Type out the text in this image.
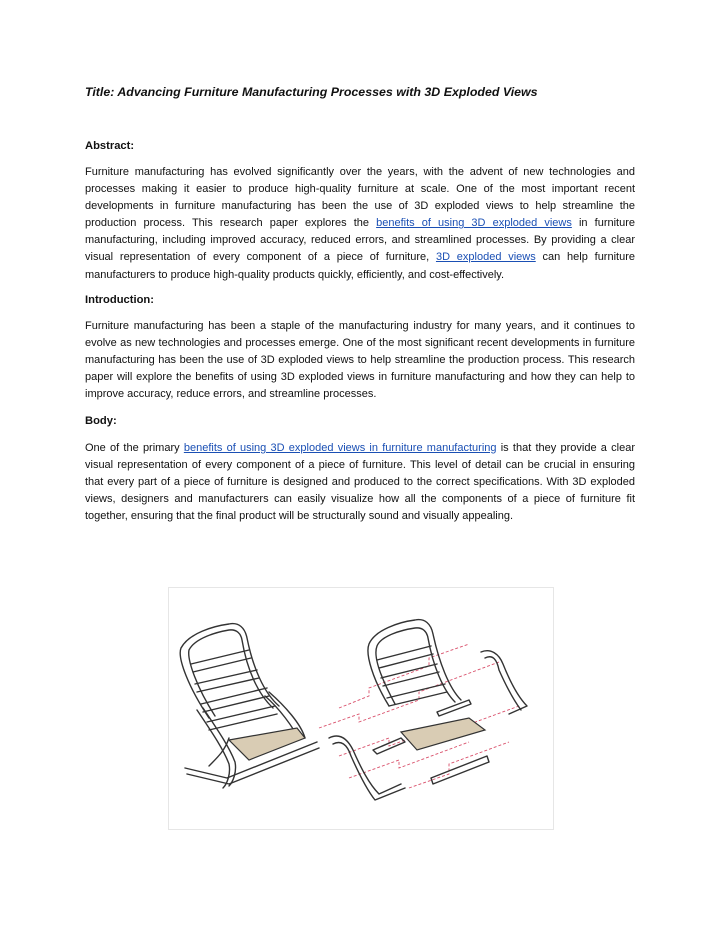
Title: Advancing Furniture Manufacturing Processes with 3D Exploded Views
Abstract:
Furniture manufacturing has evolved significantly over the years, with the advent of new technologies and processes making it easier to produce high-quality furniture at scale. One of the most important recent developments in furniture manufacturing has been the use of 3D exploded views to help streamline the production process. This research paper explores the benefits of using 3D exploded views in furniture manufacturing, including improved accuracy, reduced errors, and streamlined processes. By providing a clear visual representation of every component of a piece of furniture, 3D exploded views can help furniture manufacturers to produce high-quality products quickly, efficiently, and cost-effectively.
Introduction:
Furniture manufacturing has been a staple of the manufacturing industry for many years, and it continues to evolve as new technologies and processes emerge. One of the most significant recent developments in furniture manufacturing has been the use of 3D exploded views to help streamline the production process. This research paper will explore the benefits of using 3D exploded views in furniture manufacturing and how they can help to improve accuracy, reduce errors, and streamline processes.
Body:
One of the primary benefits of using 3D exploded views in furniture manufacturing is that they provide a clear visual representation of every component of a piece of furniture. This level of detail can be crucial in ensuring that every part of a piece of furniture is designed and produced to the correct specifications. With 3D exploded views, designers and manufacturers can easily visualize how all the components of a piece of furniture fit together, ensuring that the final product will be structurally sound and visually appealing.
